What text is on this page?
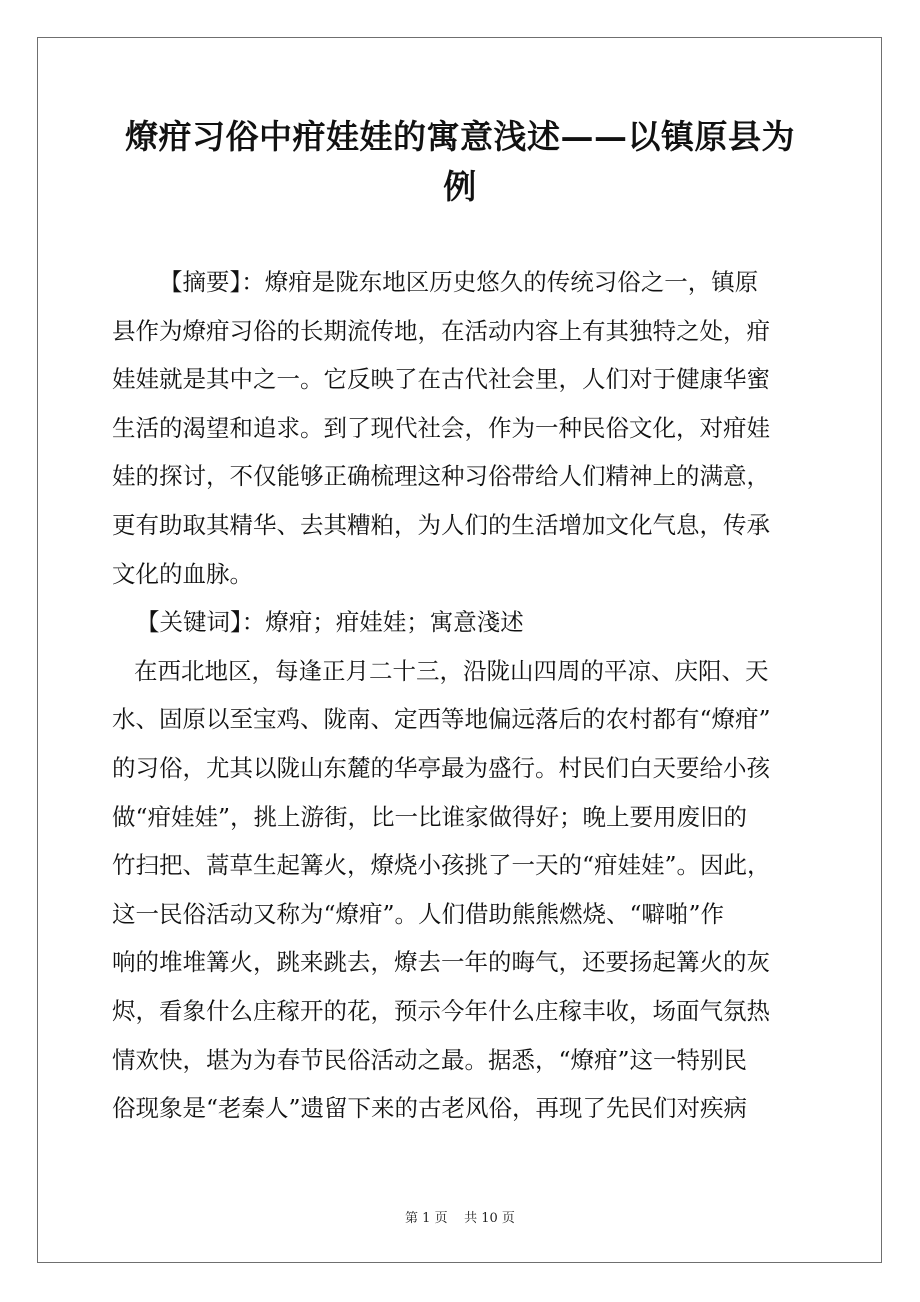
燎疳习俗中疳娃娃的寓意浅述——以镇原县为
例
【摘要】：燎疳是陇东地区历史悠久的传统习俗之一，镇原
县作为燎疳习俗的长期流传地，在活动内容上有其独特之处，疳
娃娃就是其中之一。它反映了在古代社会里，人们对于健康华蜜
生活的渴望和追求。到了现代社会，作为一种民俗文化，对疳娃
娃的探讨，不仅能够正确梳理这种习俗带给人们精神上的满意，
更有助取其精华、去其糟粕，为人们的生活增加文化气息，传承
文化的血脉。
【关键词】：燎疳；疳娃娃；寓意淺述
在西北地区，每逢正月二十三，沿陇山四周的平凉、庆阳、天
水、固原以至宝鸡、陇南、定西等地偏远落后的农村都有“燎疳”
的习俗，尤其以陇山东麓的华亭最为盛行。村民们白天要给小孩
做“疳娃娃”，挑上游街，比一比谁家做得好；晚上要用废旧的
竹扫把、蒿草生起篝火，燎烧小孩挑了一天的“疳娃娃”。因此，
这一民俗活动又称为“燎疳”。人们借助熊熊燃烧、“噼啪”作
响的堆堆篝火，跳来跳去，燎去一年的晦气，还要扬起篝火的灰
烬，看象什么庄稼开的花，预示今年什么庄稼丰收，场面气氛热
情欢快，堪为为春节民俗活动之最。据悉，“燎疳”这一特别民
俗现象是“老秦人”遗留下来的古老风俗，再现了先民们对疾病
第 1 页 共 10 页
